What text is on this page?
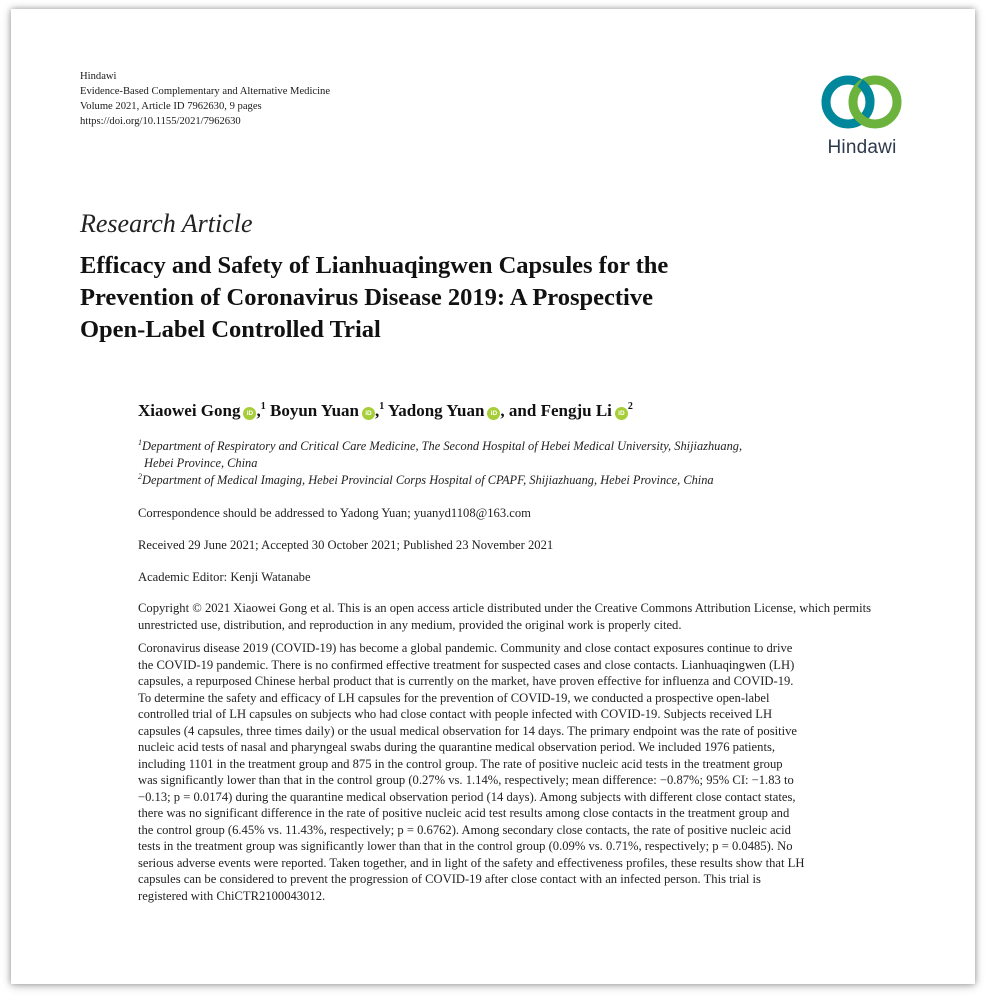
Hindawi
Evidence-Based Complementary and Alternative Medicine
Volume 2021, Article ID 7962630, 9 pages
https://doi.org/10.1155/2021/7962630
Hindawi
Research Article
Efficacy and Safety of Lianhuaqingwen Capsules for the
Prevention of Coronavirus Disease 2019: A Prospective
Open-Label Controlled Trial
Xiaowei Gong iD ,$^1$ Boyun Yuan iD ,$^1$ Yadong Yuan iD , and Fengju Li $iD^2$
$^1$Department of Respiratory and Critical Care Medicine, The Second Hospital of Hebei Medical University, Shijiazhuang,
Hebei Province, China
$^2$Department of Medical Imaging, Hebei Provincial Corps Hospital of CPAPF, Shijiazhuang, Hebei Province, China
Correspondence should be addressed to Yadong Yuan; yuanyd1108@163.com
Received 29 June 2021; Accepted 30 October 2021; Published 23 November 2021
Academic Editor: Kenji Watanabe
Copyright © 2021 Xiaowei Gong et al. This is an open access article distributed under the Creative Commons Attribution License, which permits unrestricted use, distribution, and reproduction in any medium, provided the original work is properly cited.
Coronavirus disease 2019 (COVID-19) has become a global pandemic. Community and close contact exposures continue to drive
the COVID-19 pandemic. There is no confirmed effective treatment for suspected cases and close contacts. Lianhuaqingwen (LH)
capsules, a repurposed Chinese herbal product that is currently on the market, have proven effective for influenza and COVID-19.
To determine the safety and efficacy of LH capsules for the prevention of COVID-19, we conducted a prospective open-label
controlled trial of LH capsules on subjects who had close contact with people infected with COVID-19. Subjects received LH
capsules (4 capsules, three times daily) or the usual medical observation for 14 days. The primary endpoint was the rate of positive
nucleic acid tests of nasal and pharyngeal swabs during the quarantine medical observation period. We included 1976 patients,
including 1101 in the treatment group and 875 in the control group. The rate of positive nucleic acid tests in the treatment group
was significantly lower than that in the control group (0.27% vs. 1.14%, respectively; mean difference: −0.87%; 95% CI: −1.83 to
−0.13; p = 0.0174) during the quarantine medical observation period (14 days). Among subjects with different close contact states,
there was no significant difference in the rate of positive nucleic acid test results among close contacts in the treatment group and
the control group (6.45% vs. 11.43%, respectively; p = 0.6762). Among secondary close contacts, the rate of positive nucleic acid
tests in the treatment group was significantly lower than that in the control group (0.09% vs. 0.71%, respectively; p = 0.0485). No
serious adverse events were reported. Taken together, and in light of the safety and effectiveness profiles, these results show that LH
capsules can be considered to prevent the progression of COVID-19 after close contact with an infected person. This trial is
registered with ChiCTR2100043012.
